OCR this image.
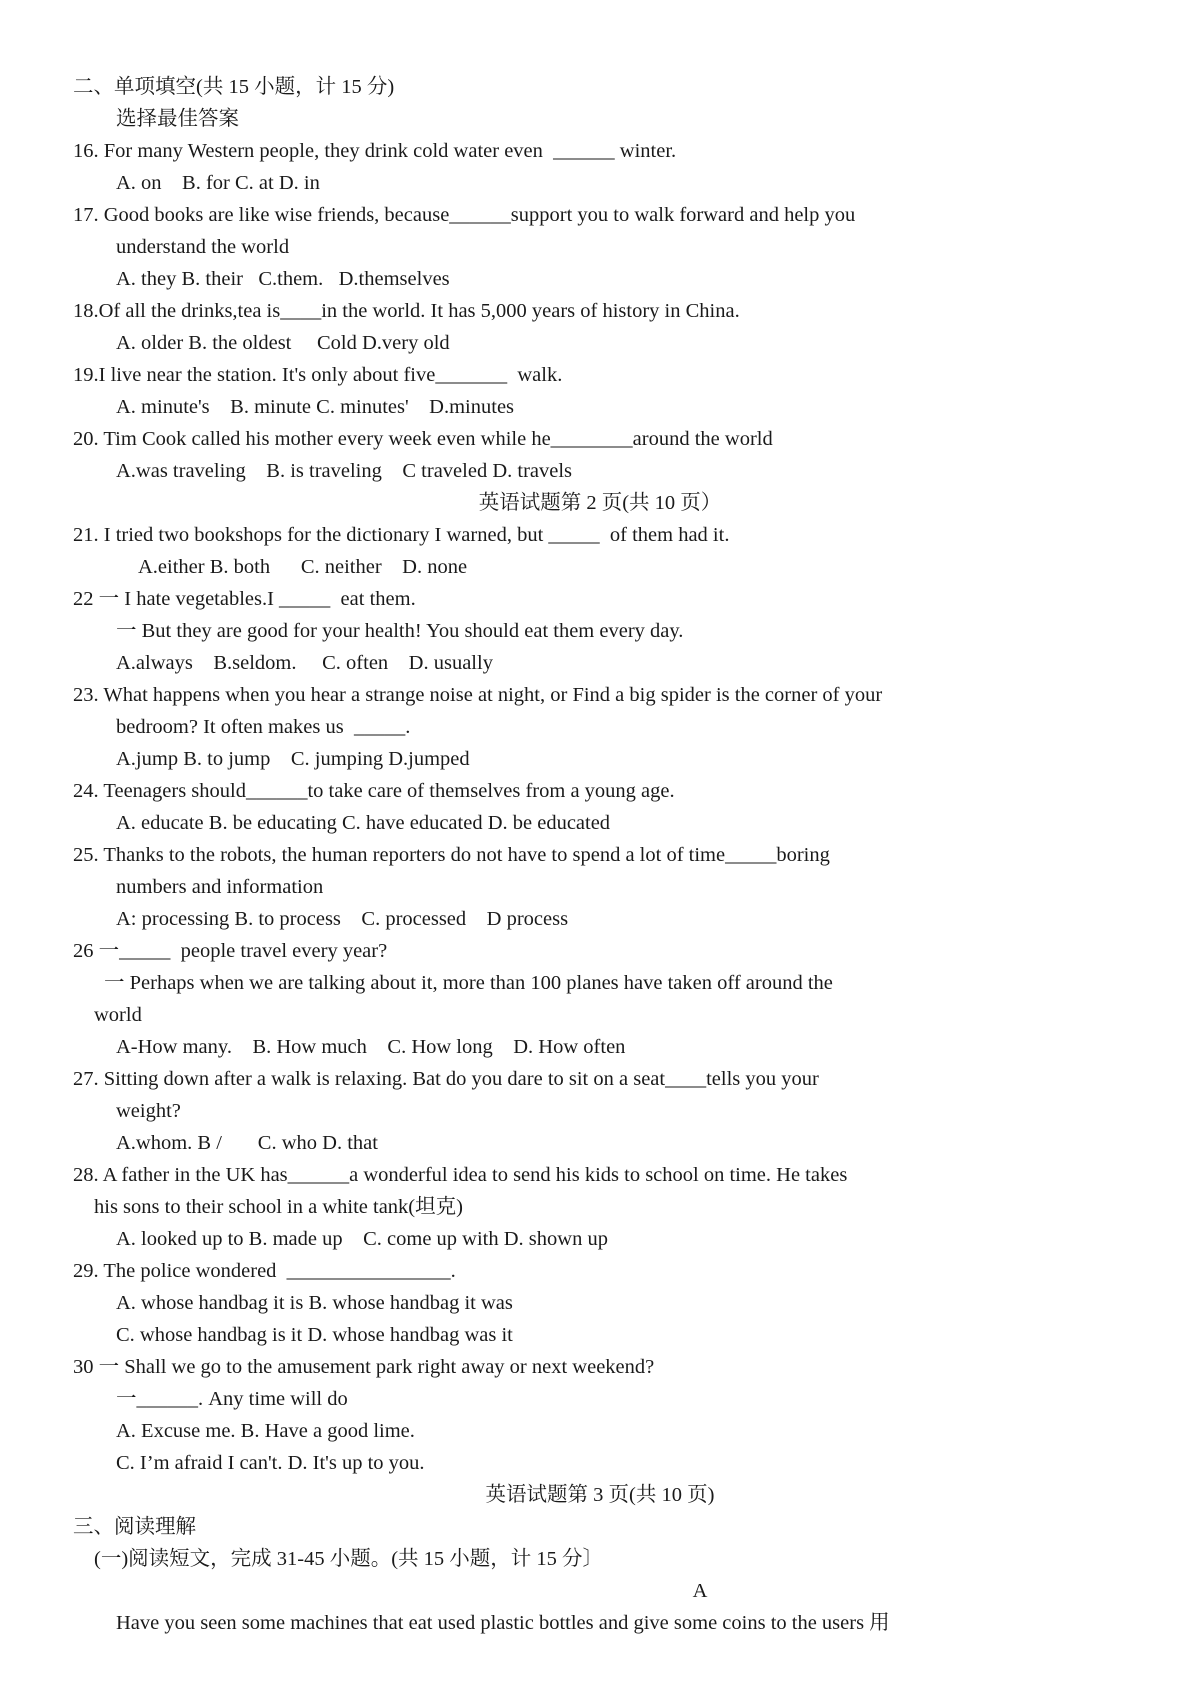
二、单项填空(共 15 小题，计 15 分)
选择最佳答案
16. For many Western people, they drink cold water even  ______ winter.
A. on    B. for C. at D. in
17. Good books are like wise friends, because______support you to walk forward and help you
understand the world
A. they B. their   C.them.   D.themselves
18.Of all the drinks,tea is____in the world. It has 5,000 years of history in China.
A. older B. the oldest     Cold D.very old
19.I live near the station. It's only about five_______  walk.
A. minute's    B. minute C. minutes'    D.minutes
20. Tim Cook called his mother every week even while he________around the world
A.was traveling    B. is traveling    C traveled D. travels
英语试题第 2 页(共 10 页）
21. I tried two bookshops for the dictionary I warned, but _____  of them had it.
A.either B. both      C. neither    D. none
22 一 I hate vegetables.I _____  eat them.
一 But they are good for your health! You should eat them every day.
A.always    B.seldom.     C. often    D. usually
23. What happens when you hear a strange noise at night, or Find a big spider is the corner of your
bedroom? It often makes us  _____.
A.jump B. to jump    C. jumping D.jumped
24. Teenagers should______to take care of themselves from a young age.
A. educate B. be educating C. have educated D. be educated
25. Thanks to the robots, the human reporters do not have to spend a lot of time_____boring
numbers and information
A: processing B. to process    C. processed    D process
26 一_____  people travel every year?
一 Perhaps when we are talking about it, more than 100 planes have taken off around the
world
A-How many.    B. How much    C. How long    D. How often
27. Sitting down after a walk is relaxing. Bat do you dare to sit on a seat____tells you your
weight?
A.whom. B /       C. who D. that
28. A father in the UK has______a wonderful idea to send his kids to school on time. He takes
his sons to their school in a white tank(坦克)
A. looked up to B. made up    C. come up with D. shown up
29. The police wondered  ________________.
A. whose handbag it is B. whose handbag it was
C. whose handbag is it D. whose handbag was it
30 一 Shall we go to the amusement park right away or next weekend?
一______. Any time will do
A. Excuse me. B. Have a good lime.
C. I’m afraid I can't. D. It's up to you.
英语试题第 3 页(共 10 页)
三、阅读理解
(一)阅读短文，完成 31-45 小题。(共 15 小题，计 15 分〕
A
Have you seen some machines that eat used plastic bottles and give some coins to the users 用
